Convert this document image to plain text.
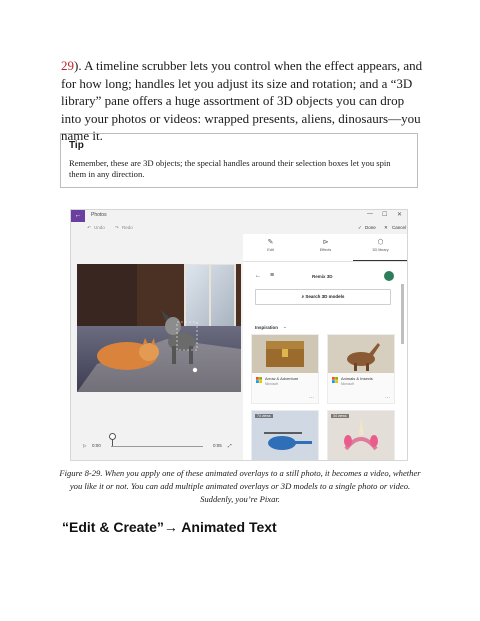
29). A timeline scrubber lets you control when the effect appears, and for how long; handles let you adjust its size and rotation; and a “3D library” pane offers a huge assortment of 3D objects you can drop into your photos or videos: wrapped presents, aliens, dinosaurs—you name it.

Tip

Remember, these are 3D objects; the special handles around their selection boxes let you spin them in any direction.

←	Photos	— ☐ ✕
↶ Undo ↷ Redo	✓ Done ✕ Cancel
▷ 0:00	0:05 ⤢
✎
Edit
⊳
Effects
⬡
3D library
← ≡	Remix 3D
⌕ Search 3D models
Inspiration ⌄
Arrow & Adventure
Microsoft
···
Animals & Insects
Microsoft
···
74 views	34 views

Figure 8-29. When you apply one of these animated overlays to a still photo, it becomes a video, whether you like it or not. You can add multiple animated overlays or 3D models to a single photo or video. Suddenly, you’re Pixar.

“Edit & Create”→ Animated Text
